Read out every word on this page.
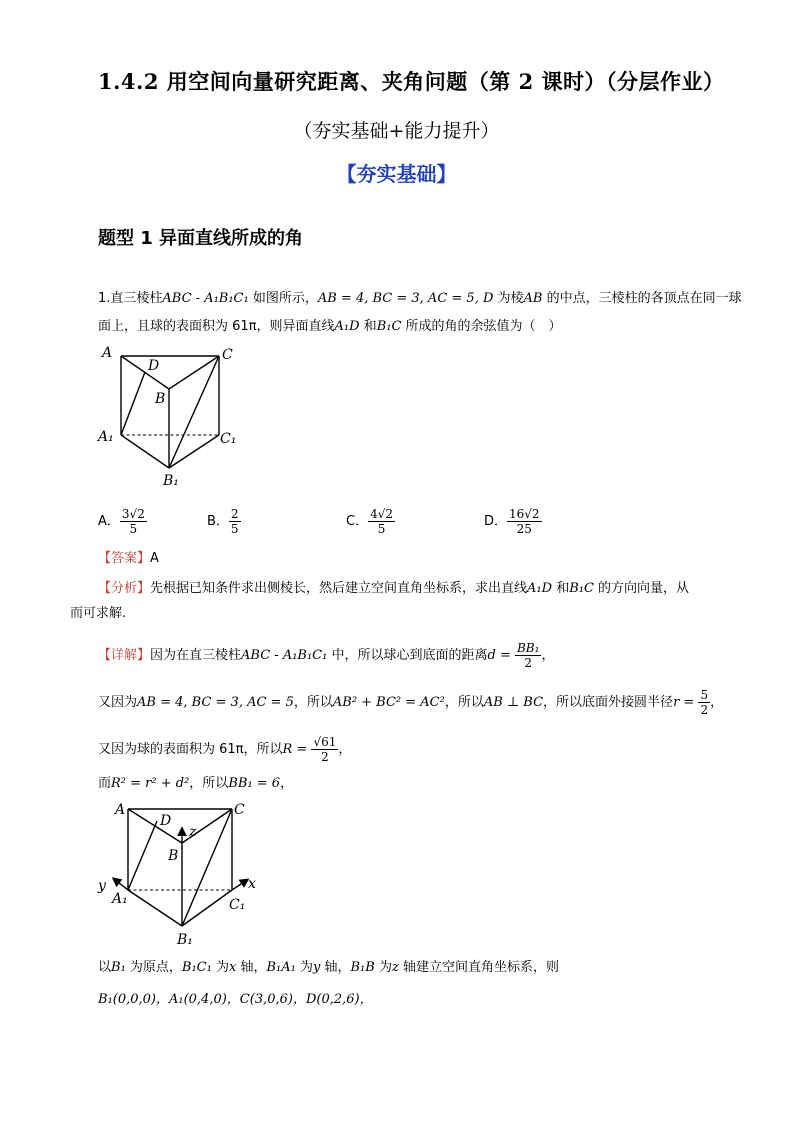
1.4.2 用空间向量研究距离、夹角问题（第 2 课时）（分层作业）
（夯实基础+能力提升）
【夯实基础】
题型 1 异面直线所成的角
1.直三棱柱ABC - A₁B₁C₁ 如图所示，AB = 4, BC = 3, AC = 5, D 为棱AB 的中点，三棱柱的各顶点在同一球
面上，且球的表面积为 61π，则异面直线A₁D 和B₁C 所成的角的余弦值为（　）
A
D
C
B
A₁	C₁
B₁
A． $\frac{3√2}{5}$	B． $\frac{2}{5}$	C． $\frac{4√2}{5}$	D． $\frac{16√2}{25}$
【答案】A
【分析】先根据已知条件求出侧棱长，然后建立空间直角坐标系，求出直线A₁D 和B₁C 的方向向量，从
而可求解.
【详解】因为在直三棱柱ABC - A₁B₁C₁ 中，所以球心到底面的距离$d = \frac{\text{BB₁}}{2}$ ，
又因为AB = 4, BC = 3, AC = 5，所以AB² + BC² = AC²，所以AB ⊥ BC，所以底面外接圆半径$r = \frac{5}{2}$ ，
又因为球的表面积为 61π，所以$R = \frac{√61}{2}$ ，
而R² = r² + d²，所以BB₁ = 6，
A
D
z
C
B
y	x
A₁	C₁
B₁
以B₁ 为原点，B₁C₁ 为x 轴，B₁A₁ 为y 轴，B₁B 为z 轴建立空间直角坐标系，则
B₁(0,0,0)，A₁(0,4,0)，C(3,0,6)，D(0,2,6)，
